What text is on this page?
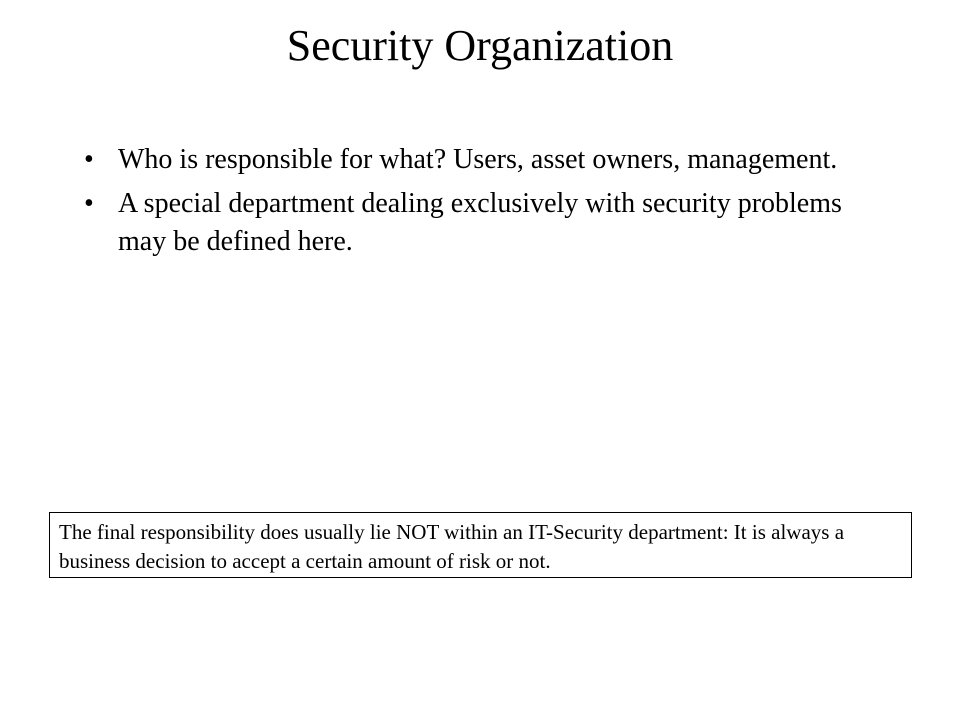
Security Organization
• Who is responsible for what? Users, asset owners, management.
• A special department dealing exclusively with security problems may be defined here.
The final responsibility does usually lie NOT within an IT-Security department: It is always a business decision to accept a certain amount of risk or not.
